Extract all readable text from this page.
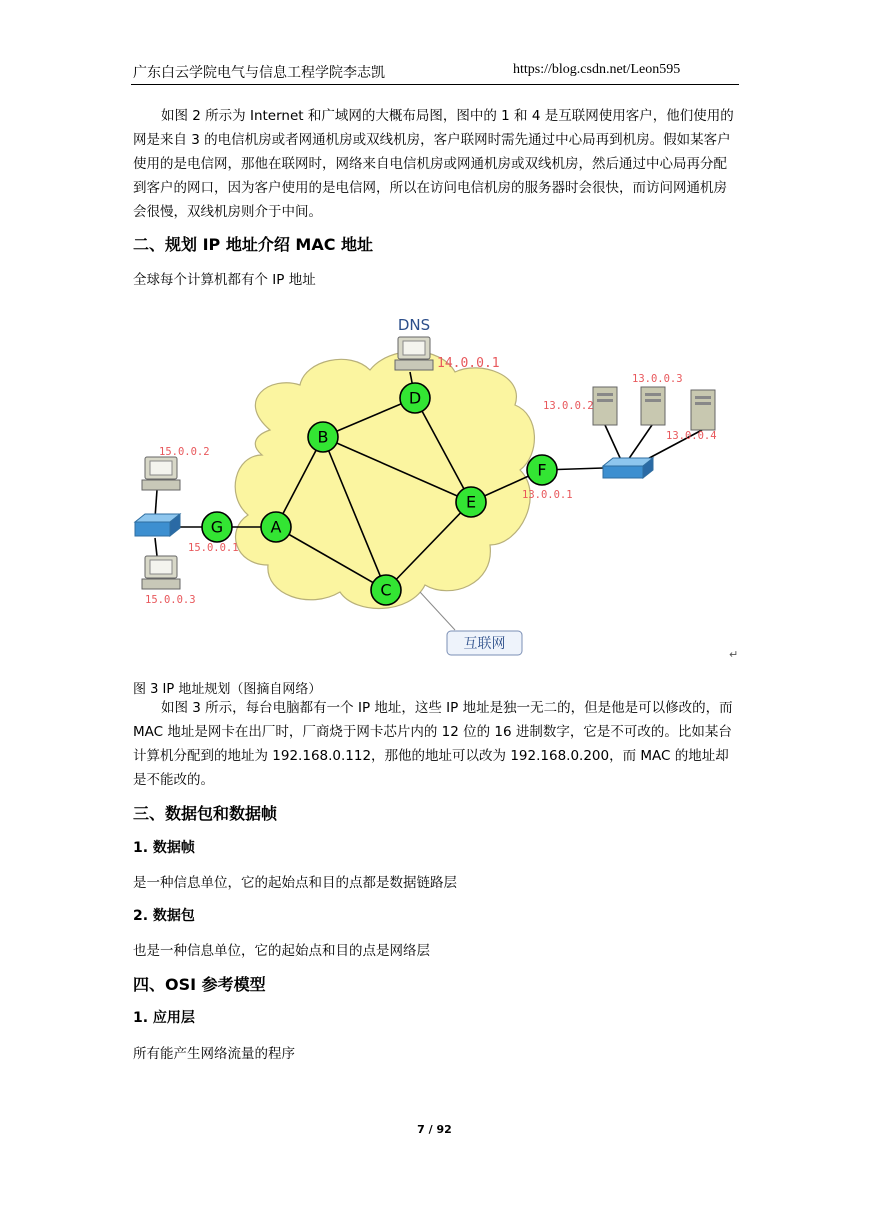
广东白云学院电气与信息工程学院李志凯	https://blog.csdn.net/Leon595
如图 2 所示为 Internet 和广域网的大概布局图，图中的 1 和 4 是互联网使用客户，他们使用的网是来自 3 的电信机房或者网通机房或双线机房，客户联网时需先通过中心局再到机房。假如某客户使用的是电信网，那他在联网时，网络来自电信机房或网通机房或双线机房，然后通过中心局再分配到客户的网口，因为客户使用的是电信网，所以在访问电信机房的服务器时会很快，而访问网通机房会很慢，双线机房则介于中间。
二、规划 IP 地址介绍 MAC 地址
全球每个计算机都有个 IP 地址
互联网
A
B
C
D
E
F
G
DNS
14.0.0.1
15.0.0.2
15.0.0.1
15.0.0.3
13.0.0.1
13.0.0.2
13.0.0.3
13.0.0.4
↵
图 3 IP 地址规划（图摘自网络）
如图 3 所示，每台电脑都有一个 IP 地址，这些 IP 地址是独一无二的，但是他是可以修改的，而 MAC 地址是网卡在出厂时，厂商烧于网卡芯片内的 12 位的 16 进制数字，它是不可改的。比如某台计算机分配到的地址为 192.168.0.112，那他的地址可以改为 192.168.0.200，而 MAC 的地址却是不能改的。
三、数据包和数据帧
1. 数据帧
是一种信息单位，它的起始点和目的点都是数据链路层
2. 数据包
也是一种信息单位，它的起始点和目的点是网络层
四、OSI 参考模型
1. 应用层
所有能产生网络流量的程序
7 / 92
